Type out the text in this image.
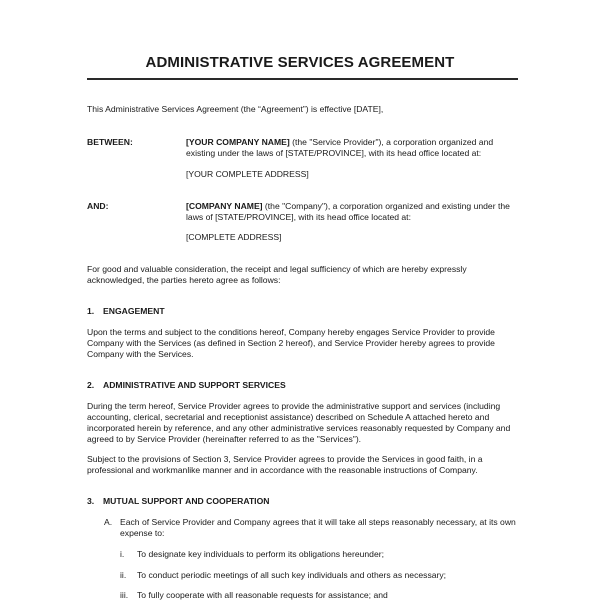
ADMINISTRATIVE SERVICES AGREEMENT

This Administrative Services Agreement (the “Agreement”) is effective [DATE],

BETWEEN:	[YOUR COMPANY NAME] (the "Service Provider"), a corporation organized and existing under the laws of [STATE/PROVINCE], with its head office located at:

[YOUR COMPLETE ADDRESS]

AND:	[COMPANY NAME] (the "Company"), a corporation organized and existing under the laws of [STATE/PROVINCE], with its head office located at:

[COMPLETE ADDRESS]

For good and valuable consideration, the receipt and legal sufficiency of which are hereby expressly acknowledged, the parties hereto agree as follows:

1. ENGAGEMENT

Upon the terms and subject to the conditions hereof, Company hereby engages Service Provider to provide Company with the Services (as defined in Section 2 hereof), and Service Provider hereby agrees to provide Company with the Services.

2. ADMINISTRATIVE AND SUPPORT SERVICES

During the term hereof, Service Provider agrees to provide the administrative support and services (including accounting, clerical, secretarial and receptionist assistance) described on Schedule A attached hereto and incorporated herein by reference, and any other administrative services reasonably requested by Company and agreed to by Service Provider (hereinafter referred to as the "Services").

Subject to the provisions of Section 3, Service Provider agrees to provide the Services in good faith, in a professional and workmanlike manner and in accordance with the reasonable instructions of Company.

3. MUTUAL SUPPORT AND COOPERATION

A. Each of Service Provider and Company agrees that it will take all steps reasonably necessary, at its own expense to:

i. To designate key individuals to perform its obligations hereunder;

ii. To conduct periodic meetings of all such key individuals and others as necessary;

iii. To fully cooperate with all reasonable requests for assistance; and
